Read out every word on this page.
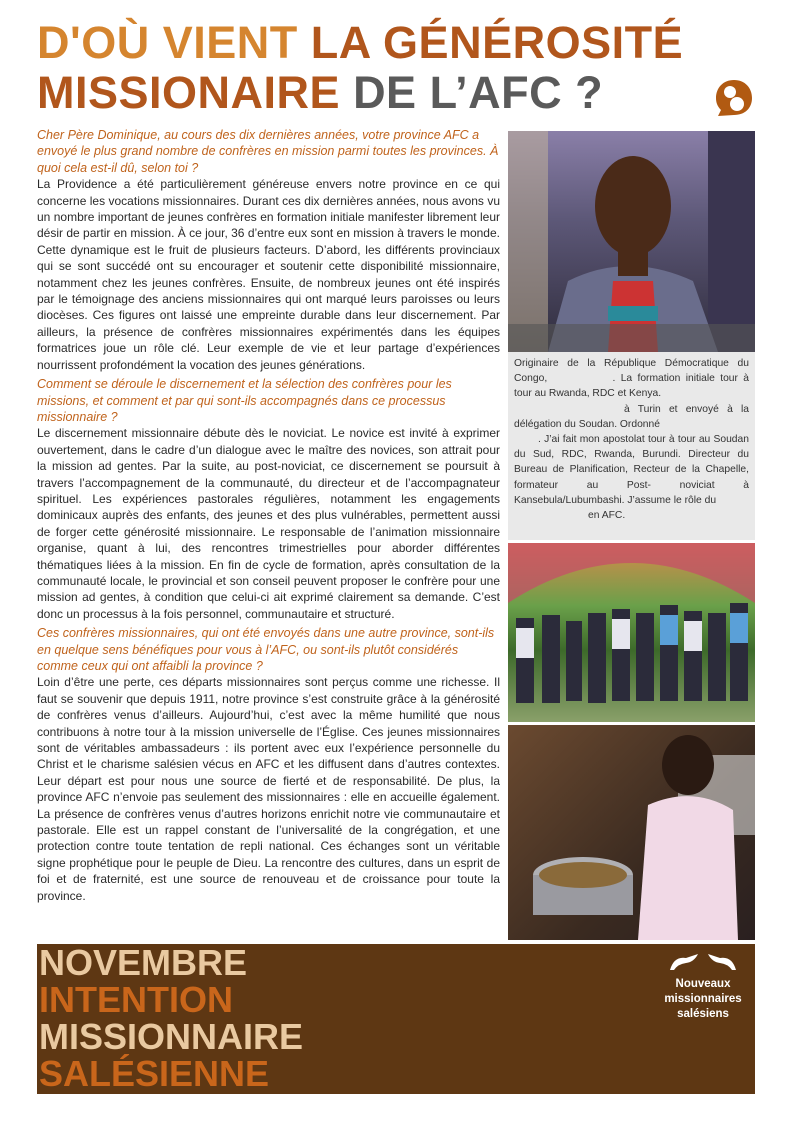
D'OÙ VIENT LA GÉNÉROSITÉ
MISSIONAIRE DE L’AFC ?
Cher Père Dominique, au cours des dix dernières années, votre province AFC a envoyé le plus grand nombre de confrères en mission parmi toutes les provinces. À quoi cela est-il dû, selon toi ?

La Providence a été particulièrement généreuse envers notre province en ce qui concerne les vocations missionnaires. Durant ces dix dernières années, nous avons vu un nombre important de jeunes confrères en formation initiale manifester librement leur désir de partir en mission. À ce jour, 36 d’entre eux sont en mission à travers le monde. Cette dynamique est le fruit de plusieurs facteurs. D’abord, les différents provinciaux qui se sont succédé ont su encourager et soutenir cette disponibilité missionnaire, notamment chez les jeunes confrères. Ensuite, de nombreux jeunes ont été inspirés par le témoignage des anciens missionnaires qui ont marqué leurs paroisses ou leurs diocèses. Ces figures ont laissé une empreinte durable dans leur discernement. Par ailleurs, la présence de confrères missionnaires expérimentés dans les équipes formatrices joue un rôle clé. Leur exemple de vie et leur partage d’expériences nourrissent profondément la vocation des jeunes générations.

Comment se déroule le discernement et la sélection des confrères pour les missions, et comment et par qui sont-ils accompagnés dans ce processus missionnaire ?

Le discernement missionnaire débute dès le noviciat. Le novice est invité à exprimer ouvertement, dans le cadre d’un dialogue avec le maître des novices, son attrait pour la mission ad gentes. Par la suite, au post-noviciat, ce discernement se poursuit à travers l’accompagnement de la communauté, du directeur et de l’accompagnateur spirituel. Les expériences pastorales régulières, notamment les engagements dominicaux auprès des enfants, des jeunes et des plus vulnérables, permettent aussi de forger cette générosité missionnaire. Le responsable de l’animation missionnaire organise, quant à lui, des rencontres trimestrielles pour aborder différentes thématiques liées à la mission. En fin de cycle de formation, après consultation de la communauté locale, le provincial et son conseil peuvent proposer le confrère pour une mission ad gentes, à condition que celui-ci ait exprimé clairement sa demande. C’est donc un processus à la fois personnel, communautaire et structuré.

Ces confrères missionnaires, qui ont été envoyés dans une autre province, sont-ils en quelque sens bénéfiques pour vous à l’AFC, ou sont-ils plutôt considérés comme ceux qui ont affaibli la province ?

Loin d’être une perte, ces départs missionnaires sont perçus comme une richesse. Il faut se souvenir que depuis 1911, notre province s’est construite grâce à la générosité de confrères venus d’ailleurs. Aujourd’hui, c’est avec la même humilité que nous contribuons à notre tour à la mission universelle de l’Église. Ces jeunes missionnaires sont de véritables ambassadeurs : ils portent avec eux l’expérience personnelle du Christ et le charisme salésien vécus en AFC et les diffusent dans d’autres contextes. Leur départ est pour nous une source de fierté et de responsabilité. De plus, la province AFC n’envoie pas seulement des missionnaires : elle en accueille également. La présence de confrères venus d’autres horizons enrichit notre vie communautaire et pastorale. Elle est un rappel constant de l’universalité de la congrégation, et une protection contre toute tentation de repli national. Ces échanges sont un véritable signe prophétique pour le peuple de Dieu. La rencontre des cultures, dans un esprit de foi et de fraternité, est une source de renouveau et de croissance pour toute la province.

Originaire de la République Démocratique du Congo,	. La formation initiale tour à tour au Rwanda, RDC et Kenya.
à Turin et envoyé à la délégation du Soudan. Ordonné
. J’ai fait mon apostolat tour à tour au Soudan du Sud, RDC, Rwanda, Burundi. Directeur du Bureau de Planification, Recteur de la Chapelle, formateur au Post- noviciat à Kansebula/Lubumbashi. J’assume le rôle du
en AFC.
NOVEMBRE
INTENTION
MISSIONNAIRE
SALÉSIENNE
Nouveaux
missionnaires
salésiens
